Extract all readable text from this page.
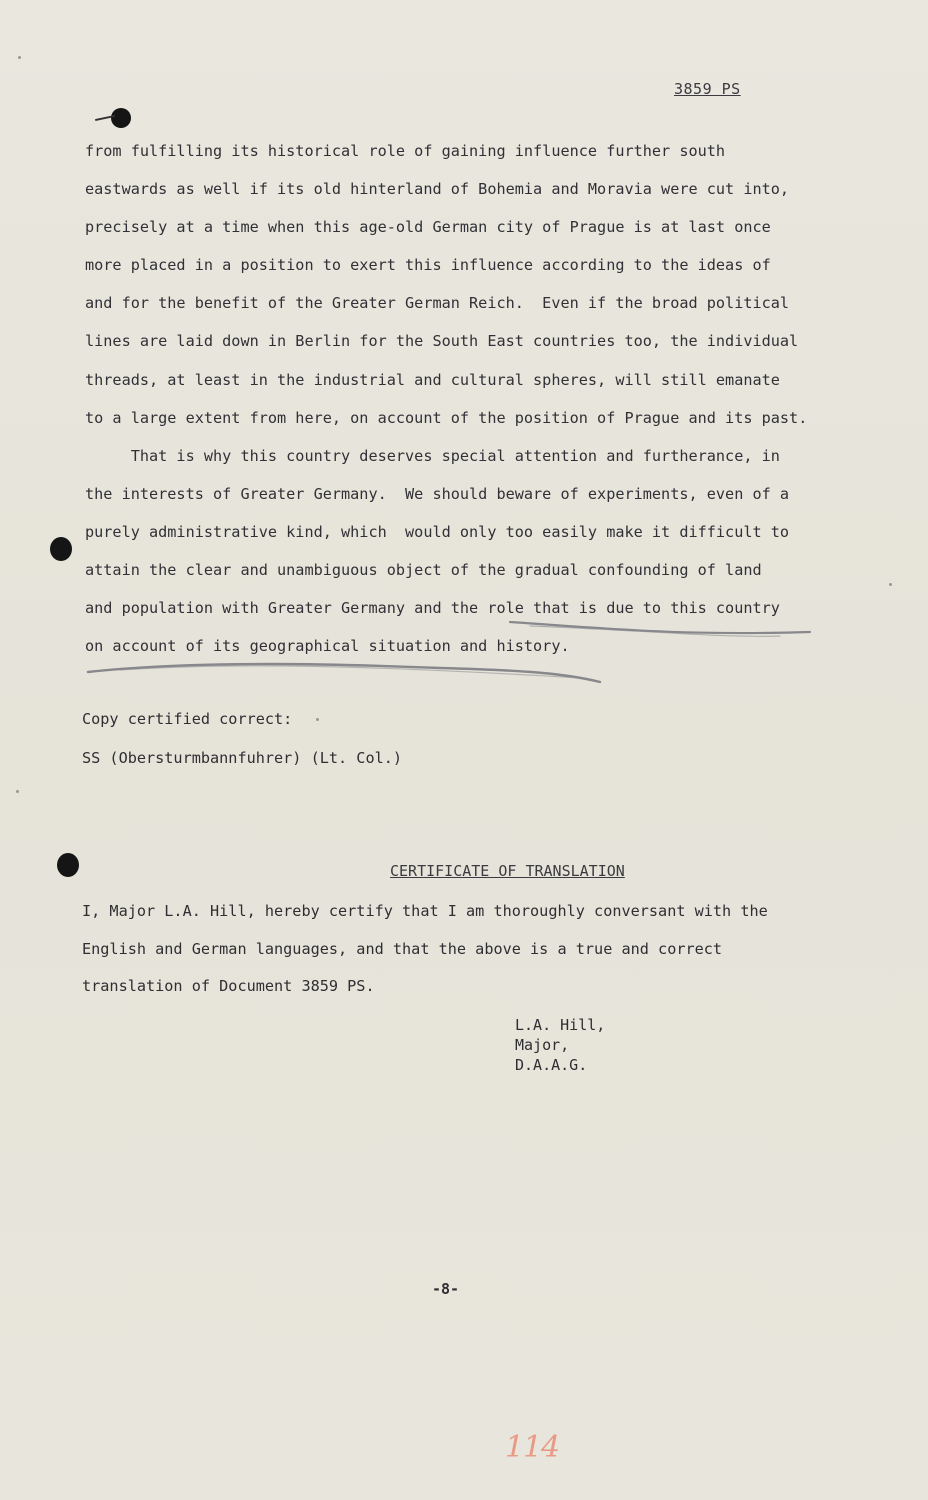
3859 PS

from fulfilling its historical role of gaining influence further south

eastwards as well if its old hinterland of Bohemia and Moravia were cut into,

precisely at a time when this age-old German city of Prague is at last once

more placed in a position to exert this influence according to the ideas of

and for the benefit of the Greater German Reich.  Even if the broad political

lines are laid down in Berlin for the South East countries too, the individual

threads, at least in the industrial and cultural spheres, will still emanate

to a large extent from here, on account of the position of Prague and its past.

That is why this country deserves special attention and furtherance, in

the interests of Greater Germany.  We should beware of experiments, even of a

purely administrative kind, which  would only too easily make it difficult to

attain the clear and unambiguous object of the gradual confounding of land

and population with Greater Germany and the role that is due to this country

on account of its geographical situation and history.

Copy certified correct:

SS (Obersturmbannfuhrer) (Lt. Col.)

CERTIFICATE OF TRANSLATION

I, Major L.A. Hill, hereby certify that I am thoroughly conversant with the

English and German languages, and that the above is a true and correct

translation of Document 3859 PS.

L.A. Hill,

Major,

D.A.A.G.

-8-
114
